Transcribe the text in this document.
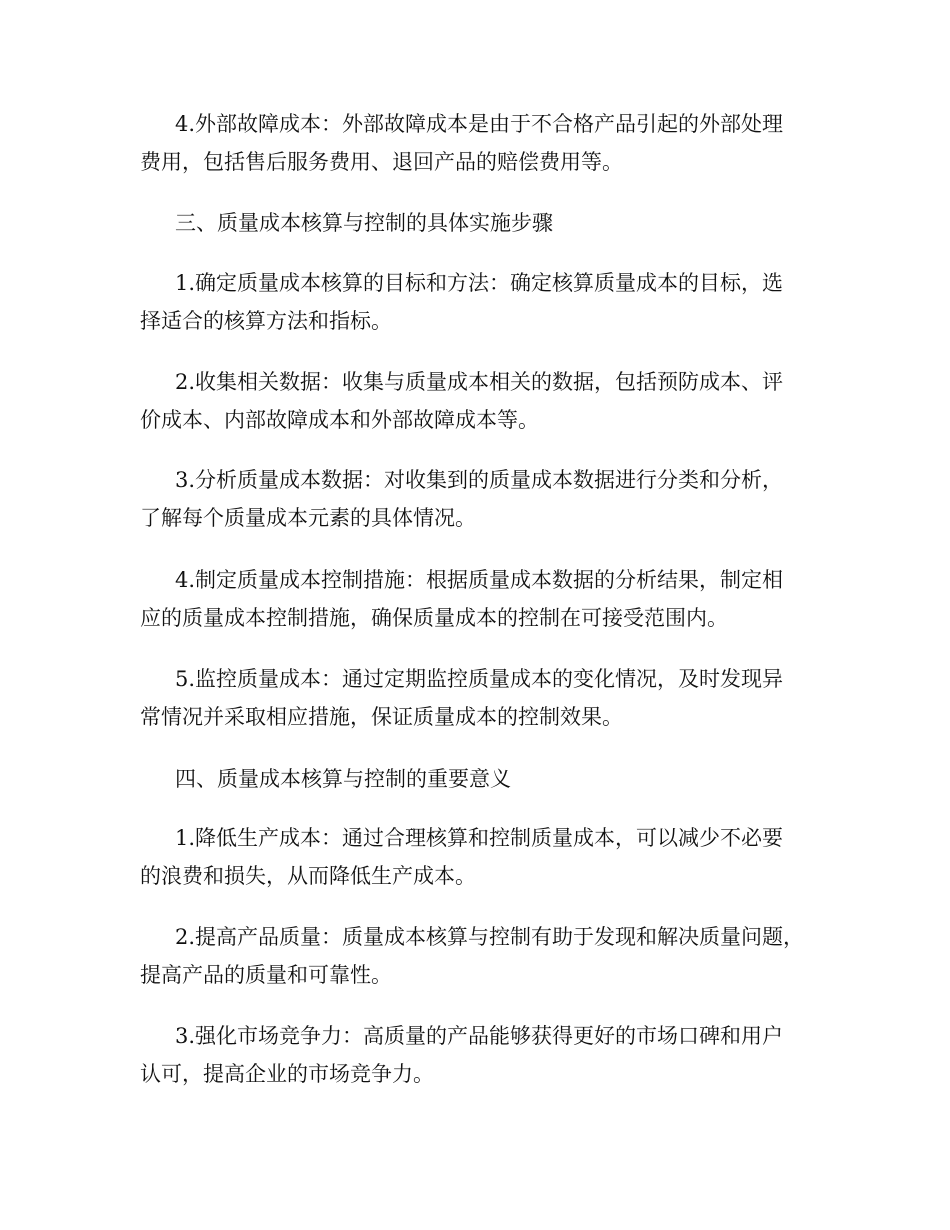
4.外部故障成本：外部故障成本是由于不合格产品引起的外部处理
费用，包括售后服务费用、退回产品的赔偿费用等。

三、质量成本核算与控制的具体实施步骤

1.确定质量成本核算的目标和方法：确定核算质量成本的目标，选
择适合的核算方法和指标。

2.收集相关数据：收集与质量成本相关的数据，包括预防成本、评
价成本、内部故障成本和外部故障成本等。

3.分析质量成本数据：对收集到的质量成本数据进行分类和分析，
了解每个质量成本元素的具体情况。

4.制定质量成本控制措施：根据质量成本数据的分析结果，制定相
应的质量成本控制措施，确保质量成本的控制在可接受范围内。

5.监控质量成本：通过定期监控质量成本的变化情况，及时发现异
常情况并采取相应措施，保证质量成本的控制效果。

四、质量成本核算与控制的重要意义

1.降低生产成本：通过合理核算和控制质量成本，可以减少不必要
的浪费和损失，从而降低生产成本。

2.提高产品质量：质量成本核算与控制有助于发现和解决质量问题，
提高产品的质量和可靠性。

3.强化市场竞争力：高质量的产品能够获得更好的市场口碑和用户
认可，提高企业的市场竞争力。
